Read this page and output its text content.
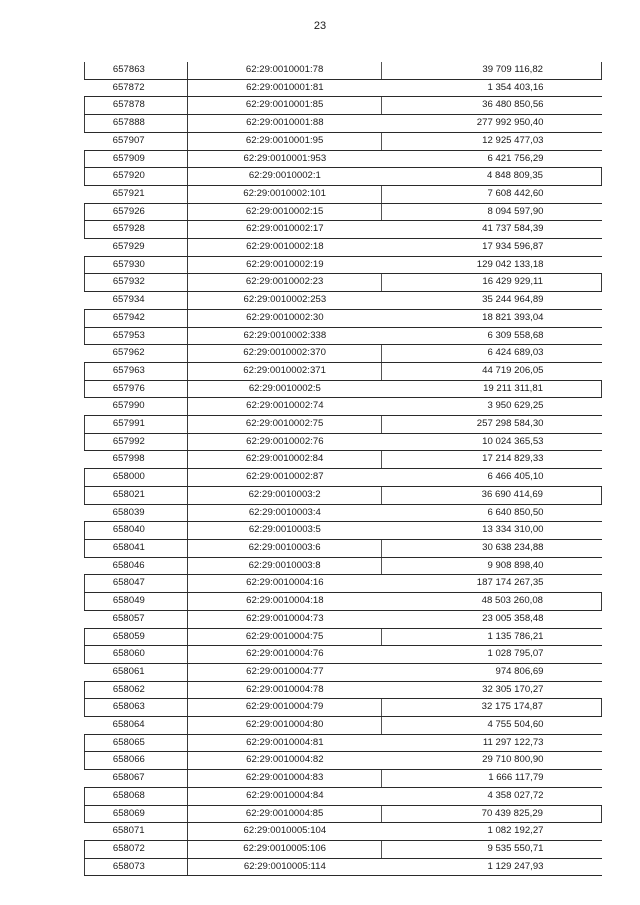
23
657863	62:29:0010001:78	39 709 116,82
657872	62:29:0010001:81	1 354 403,16
657878	62:29:0010001:85	36 480 850,56
657888	62:29:0010001:88	277 992 950,40
657907	62:29:0010001:95	12 925 477,03
657909	62:29:0010001:953	6 421 756,29
657920	62:29:0010002:1	4 848 809,35
657921	62:29:0010002:101	7 608 442,60
657926	62:29:0010002:15	8 094 597,90
657928	62:29:0010002:17	41 737 584,39
657929	62:29:0010002:18	17 934 596,87
657930	62:29:0010002:19	129 042 133,18
657932	62:29:0010002:23	16 429 929,11
657934	62:29:0010002:253	35 244 964,89
657942	62:29:0010002:30	18 821 393,04
657953	62:29:0010002:338	6 309 558,68
657962	62:29:0010002:370	6 424 689,03
657963	62:29:0010002:371	44 719 206,05
657976	62:29:0010002:5	19 211 311,81
657990	62:29:0010002:74	3 950 629,25
657991	62:29:0010002:75	257 298 584,30
657992	62:29:0010002:76	10 024 365,53
657998	62:29:0010002:84	17 214 829,33
658000	62:29:0010002:87	6 466 405,10
658021	62:29:0010003:2	36 690 414,69
658039	62:29:0010003:4	6 640 850,50
658040	62:29:0010003:5	13 334 310,00
658041	62:29:0010003:6	30 638 234,88
658046	62:29:0010003:8	9 908 898,40
658047	62:29:0010004:16	187 174 267,35
658049	62:29:0010004:18	48 503 260,08
658057	62:29:0010004:73	23 005 358,48
658059	62:29:0010004:75	1 135 786,21
658060	62:29:0010004:76	1 028 795,07
658061	62:29:0010004:77	974 806,69
658062	62:29:0010004:78	32 305 170,27
658063	62:29:0010004:79	32 175 174,87
658064	62:29:0010004:80	4 755 504,60
658065	62:29:0010004:81	11 297 122,73
658066	62:29:0010004:82	29 710 800,90
658067	62:29:0010004:83	1 666 117,79
658068	62:29:0010004:84	4 358 027,72
658069	62:29:0010004:85	70 439 825,29
658071	62:29:0010005:104	1 082 192,27
658072	62:29:0010005:106	9 535 550,71
658073	62:29:0010005:114	1 129 247,93
